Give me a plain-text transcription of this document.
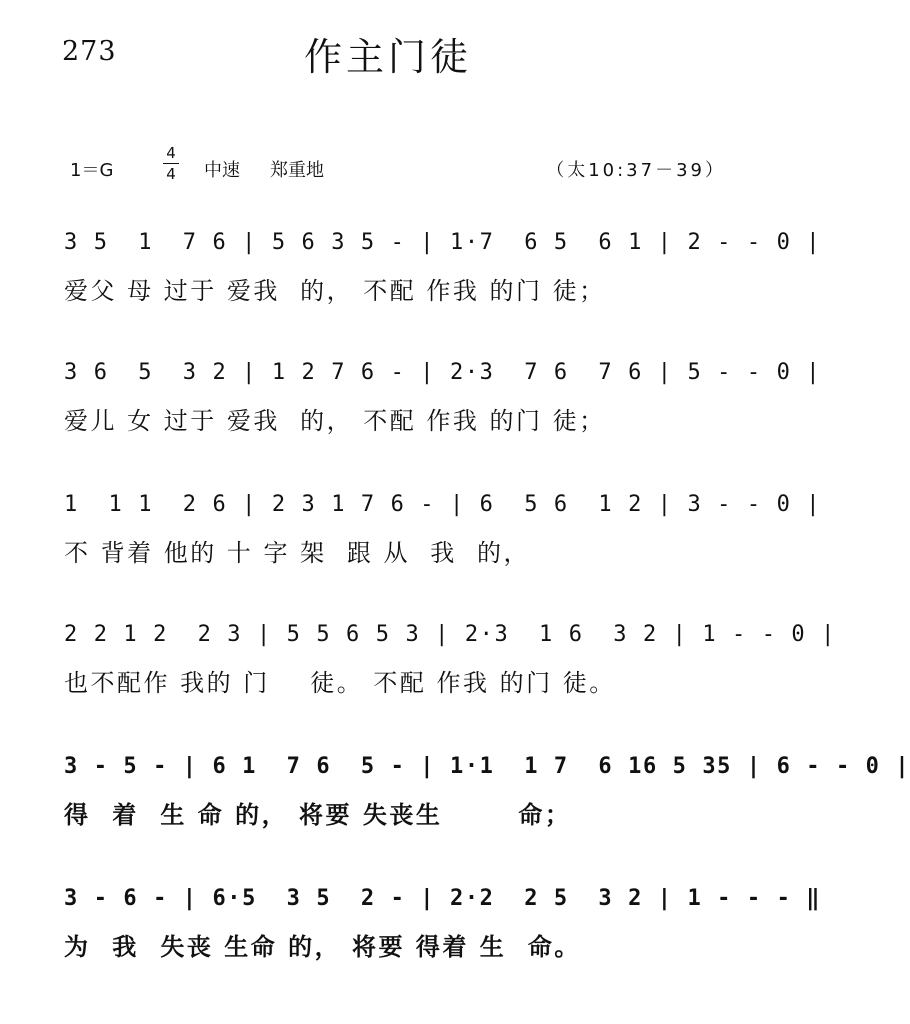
273	作主门徒
1＝G
4
4 中速 郑重地	（太10:37－39）
3 5  1  7 6 | 5 6 3 5 - | 1·7  6 5  6 1 | 2 - - 0 |
爱父 母 过于 爱我  的， 不配 作我 的门 徒；
3 6  5  3 2 | 1 2 7 6 - | 2·3  7 6  7 6 | 5 - - 0 |
爱儿 女 过于 爱我  的， 不配 作我 的门 徒；
1  1 1  2 6 | 2 3 1 7 6 - | 6  5 6  1 2 | 3 - - 0 |
不 背着 他的 十 字 架  跟 从  我  的，
2 2 1 2  2 3 | 5 5 6 5 3 | 2·3  1 6  3 2 | 1 - - 0 |
也不配作 我的 门    徒。 不配 作我 的门 徒。
3 - 5 - | 6 1  7 6  5 - | 1·1  1 7  6 16 5 35 | 6 - - 0 |
得  着  生 命 的， 将要 失丧生       命；
3 - 6 - | 6·5  3 5  2 - | 2·2  2 5  3 2 | 1 - - - ‖
为  我  失丧 生命 的， 将要 得着 生  命。
